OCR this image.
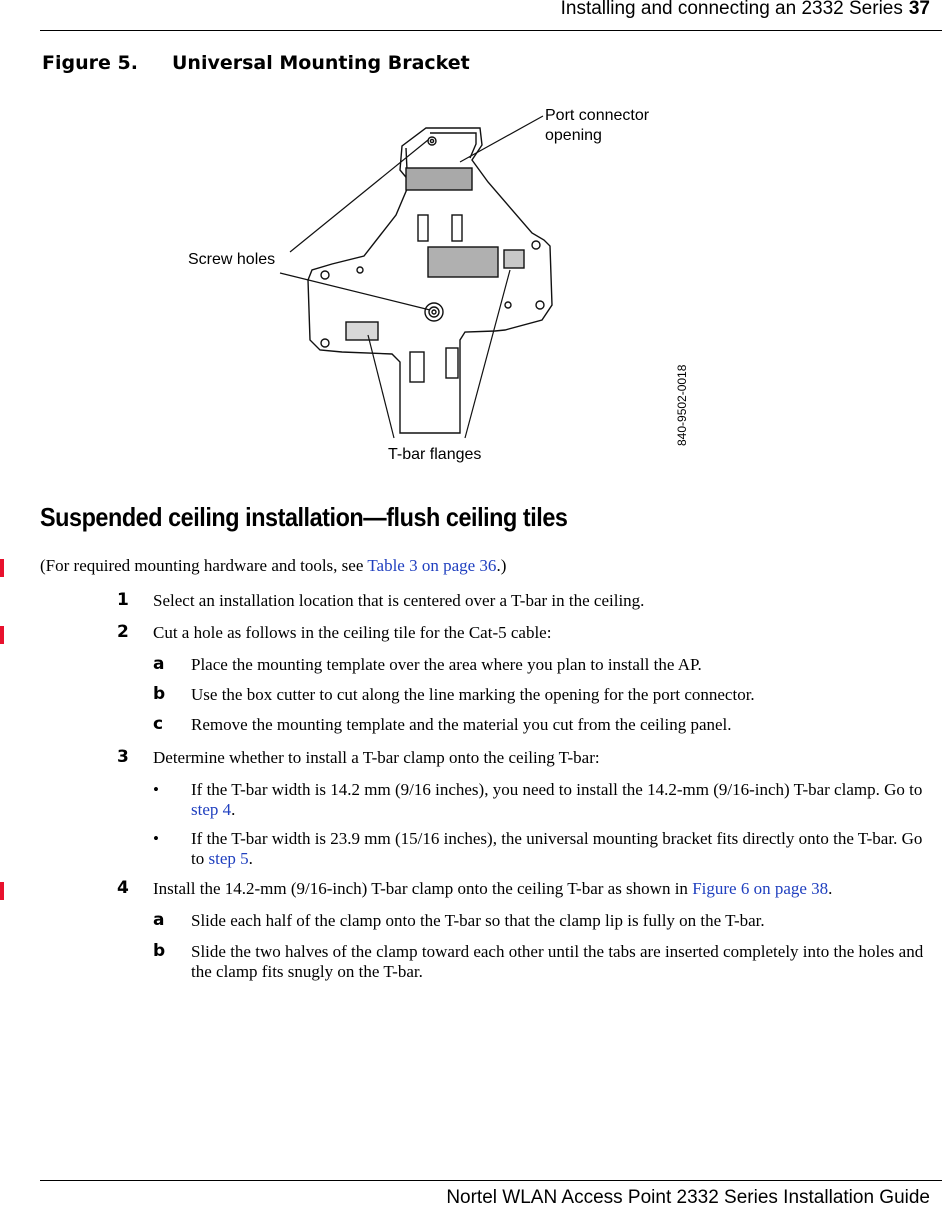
Installing and connecting an 2332 Series 37
Figure 5. Universal Mounting Bracket
Port connector
opening
Screw holes
T-bar flanges
840-9502-0018
Suspended ceiling installation—flush ceiling tiles
(For required mounting hardware and tools, see Table 3 on page 36.)
1 Select an installation location that is centered over a T-bar in the ceiling.
2 Cut a hole as follows in the ceiling tile for the Cat-5 cable:
a Place the mounting template over the area where you plan to install the AP.
b Use the box cutter to cut along the line marking the opening for the port connector.
c Remove the mounting template and the material you cut from the ceiling panel.
3 Determine whether to install a T-bar clamp onto the ceiling T-bar:
• If the T-bar width is 14.2 mm (9/16 inches), you need to install the 14.2-mm (9/16-inch) T-bar clamp. Go to step 4.
• If the T-bar width is 23.9 mm (15/16 inches), the universal mounting bracket fits directly onto the T-bar. Go to step 5.
4 Install the 14.2-mm (9/16-inch) T-bar clamp onto the ceiling T-bar as shown in Figure 6 on page 38.
a Slide each half of the clamp onto the T-bar so that the clamp lip is fully on the T-bar.
b Slide the two halves of the clamp toward each other until the tabs are inserted completely into the holes and the clamp fits snugly on the T-bar.
Nortel WLAN Access Point 2332 Series Installation Guide
